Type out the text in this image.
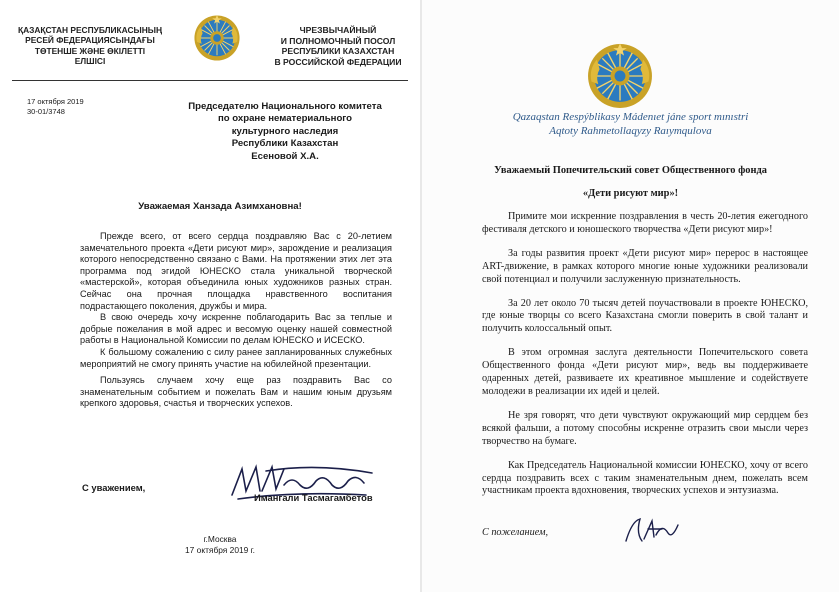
ҚАЗАҚСТАН РЕСПУБЛИКАСЫНЫҢ
РЕСЕЙ ФЕДЕРАЦИЯСЫНДАҒЫ
ТӨТЕНШЕ ЖӘНЕ ӨКІЛЕТТІ
ЕЛШІСІ
ЧРЕЗВЫЧАЙНЫЙ
И ПОЛНОМОЧНЫЙ ПОСОЛ
РЕСПУБЛИКИ КАЗАХСТАН
В РОССИЙСКОЙ ФЕДЕРАЦИИ
17 октября 2019
30-01/3748	Председателю Национального комитета
по охране нематериального
культурного наследия
Республики Казахстан
Есеновой Х.А.
Уважаемая Ханзада Азимхановна!

Прежде всего, от всего сердца поздравляю Вас с 20-летием замечательного проекта «Дети рисуют мир», зарождение и реализация которого непосредственно связано с Вами. На протяжении этих лет эта программа под эгидой ЮНЕСКО стала уникальной творческой «мастерской», которая объединила юных художников разных стран. Сейчас она прочная площадка нравственного воспитания подрастающего поколения, дружбы и мира.

В свою очередь хочу искренне поблагодарить Вас за теплые и добрые пожелания в мой адрес и весомую оценку нашей совместной работы в Национальной Комиссии по делам ЮНЕСКО и ИСЕСКО.

К большому сожалению с силу ранее запланированных служебных мероприятий не смогу принять участие на юбилейной презентации.

Пользуясь случаем хочу еще раз поздравить Вас со знаменательным событием и пожелать Вам и нашим юным друзьям крепкого здоровья, счастья и творческих успехов.

С уважением,
Имангали Тасмагамбетов
г.Москва
17 октября 2019 г.
Qazaqstan Respýblikasy Mádenıet jáne sport mınıstri
Aqtoty Rahmetollaqyzy Raıymqulova
Уважаемый Попечительский совет Общественного фонда
«Дети рисуют мир»!

Примите мои искренние поздравления в честь 20-летия ежегодного фестиваля детского и юношеского творчества «Дети рисуют мир»!

За годы развития проект «Дети рисуют мир» перерос в настоящее ART-движение, в рамках которого многие юные художники реализовали свой потенциал и получили заслуженную признательность.

За 20 лет около 70 тысяч детей поучаствовали в проекте ЮНЕСКО, где юные творцы со всего Казахстана смогли поверить в свой талант и получить колоссальный опыт.

В этом огромная заслуга деятельности Попечительского совета Общественного фонда «Дети рисуют мир», ведь вы поддерживаете одаренных детей, развиваете их креативное мышление и содействуете молодежи в реализации их идей и целей.

Не зря говорят, что дети чувствуют окружающий мир сердцем без всякой фальши, а потому способны искренне отразить свои мысли через творчество на бумаге.

Как Председатель Национальной комиссии ЮНЕСКО, хочу от всего сердца поздравить всех с таким знаменательным днем, пожелать всем участникам проекта вдохновения, творческих успехов и энтузиазма.

С пожеланием,
